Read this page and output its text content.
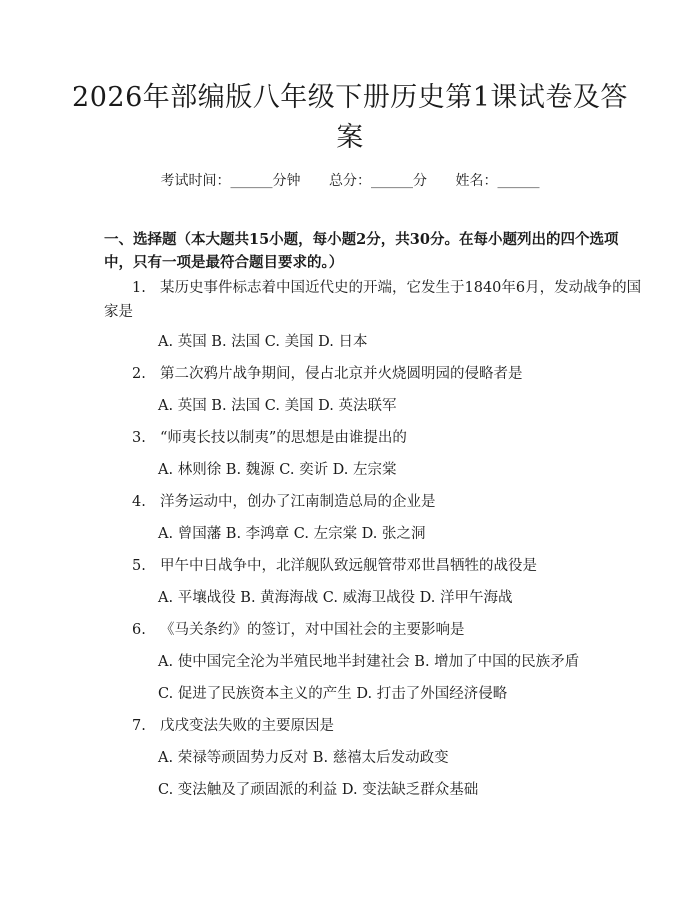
2026年部编版八年级下册历史第1课试卷及答案
考试时间：______分钟 总分：______分 姓名：______
一、选择题（本大题共15小题，每小题2分，共30分。在每小题列出的四个选项中，只有一项是最符合题目要求的。）
1. 某历史事件标志着中国近代史的开端，它发生于1840年6月，发动战争的国家是
A. 英国 B. 法国 C. 美国 D. 日本
2. 第二次鸦片战争期间，侵占北京并火烧圆明园的侵略者是
A. 英国 B. 法国 C. 美国 D. 英法联军
3. “师夷长技以制夷”的思想是由谁提出的
A. 林则徐 B. 魏源 C. 奕䜣 D. 左宗棠
4. 洋务运动中，创办了江南制造总局的企业是
A. 曾国藩 B. 李鸿章 C. 左宗棠 D. 张之洞
5. 甲午中日战争中，北洋舰队致远舰管带邓世昌牺牲的战役是
A. 平壤战役 B. 黄海海战 C. 威海卫战役 D. 洋甲午海战
6. 《马关条约》的签订，对中国社会的主要影响是
A. 使中国完全沦为半殖民地半封建社会 B. 增加了中国的民族矛盾
C. 促进了民族资本主义的产生 D. 打击了外国经济侵略
7. 戊戌变法失败的主要原因是
A. 荣禄等顽固势力反对 B. 慈禧太后发动政变
C. 变法触及了顽固派的利益 D. 变法缺乏群众基础
